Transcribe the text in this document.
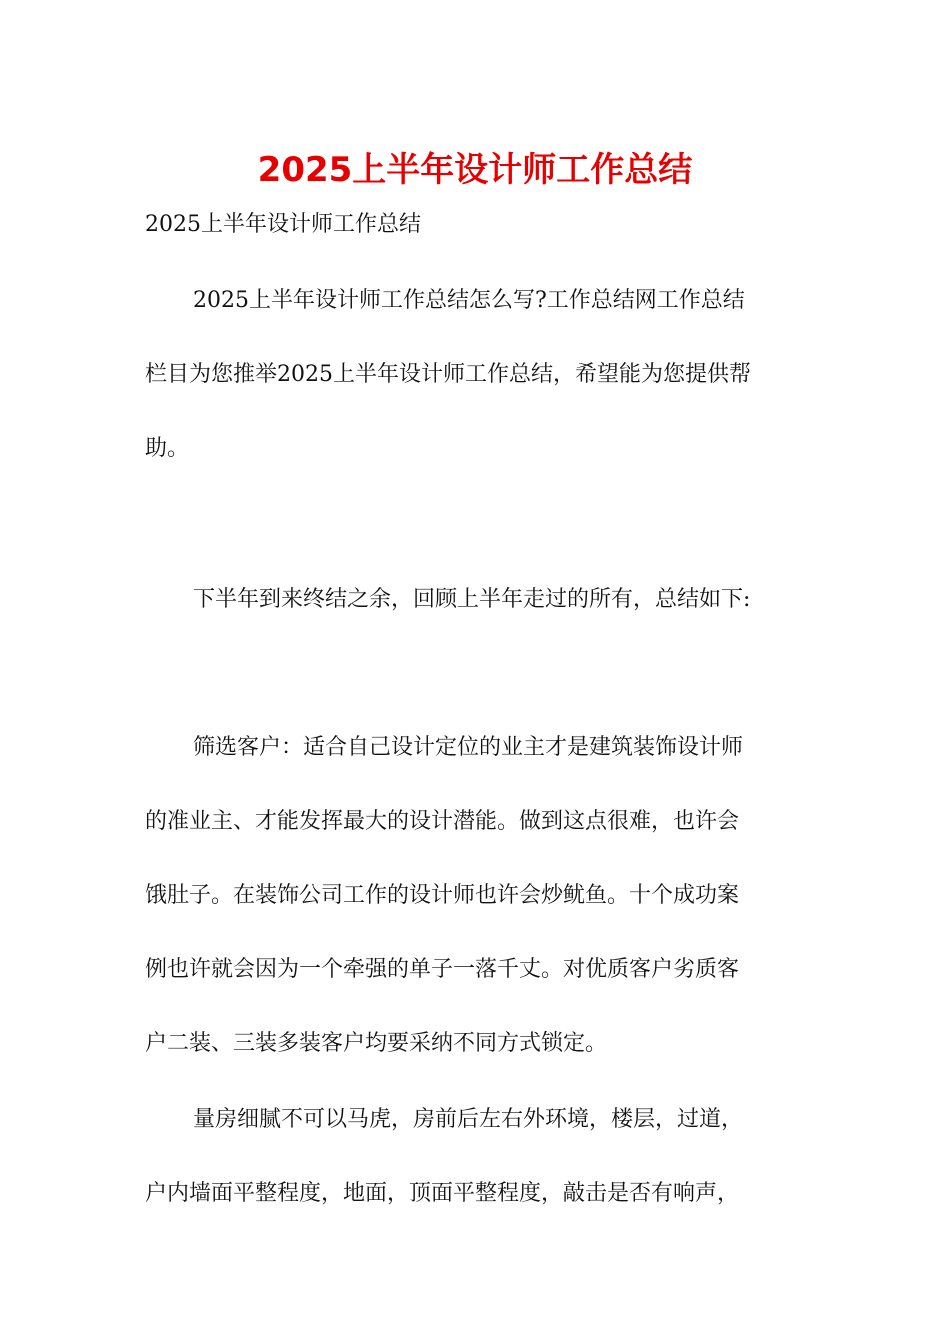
2025上半年设计师工作总结

2025上半年设计师工作总结

2025上半年设计师工作总结怎么写?工作总结网工作总结

栏目为您推举2025上半年设计师工作总结，希望能为您提供帮

助。

下半年到来终结之余，回顾上半年走过的所有，总结如下:

筛选客户：适合自己设计定位的业主才是建筑装饰设计师

的准业主、才能发挥最大的设计潜能。做到这点很难，也许会

饿肚子。在装饰公司工作的设计师也许会炒鱿鱼。十个成功案

例也许就会因为一个牵强的单子一落千丈。对优质客户劣质客

户二装、三装多装客户均要采纳不同方式锁定。

量房细腻不可以马虎，房前后左右外环境，楼层，过道，

户内墙面平整程度，地面，顶面平整程度，敲击是否有响声，
